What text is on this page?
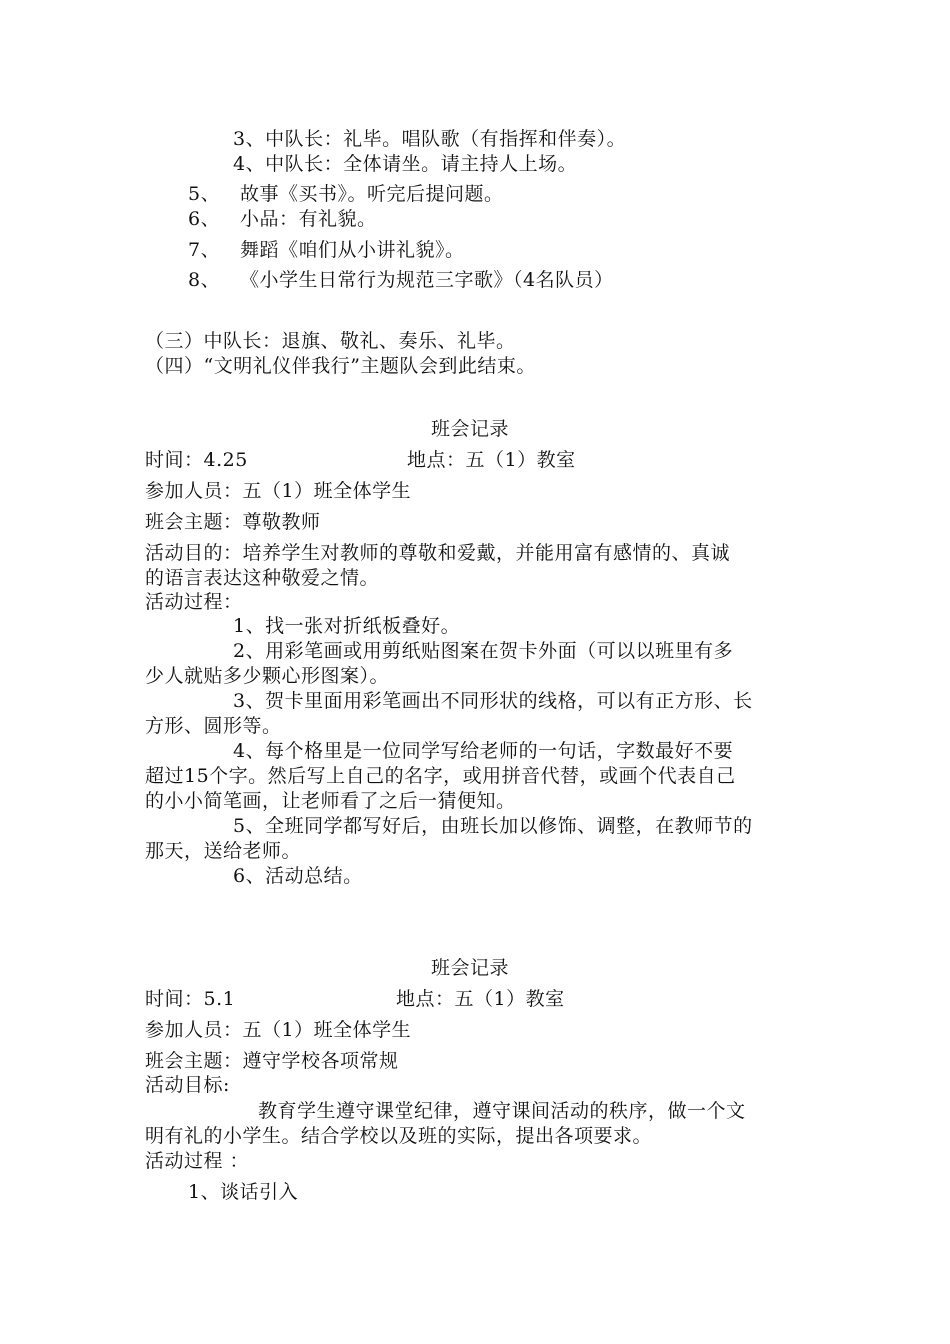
3、中队长：礼毕。唱队歌（有指挥和伴奏）。
4、中队长：全体请坐。请主持人上场。
5、 故事《买书》。听完后提问题。
6、 小品：有礼貌。
7、 舞蹈《咱们从小讲礼貌》。
8、 《小学生日常行为规范三字歌》（4名队员）
（三）中队长：退旗、敬礼、奏乐、礼毕。
（四）“文明礼仪伴我行”主题队会到此结束。
班会记录
时间：4.25	地点：五（1）教室
参加人员：五（1）班全体学生
班会主题：尊敬教师
活动目的：培养学生对教师的尊敬和爱戴，并能用富有感情的、真诚
的语言表达这种敬爱之情。
活动过程：
1、找一张对折纸板叠好。
2、用彩笔画或用剪纸贴图案在贺卡外面（可以以班里有多
少人就贴多少颗心形图案）。
3、贺卡里面用彩笔画出不同形状的线格，可以有正方形、长
方形、圆形等。
4、每个格里是一位同学写给老师的一句话，字数最好不要
超过15个字。然后写上自己的名字，或用拼音代替，或画个代表自己
的小小简笔画，让老师看了之后一猜便知。
5、全班同学都写好后，由班长加以修饰、调整，在教师节的
那天，送给老师。
6、活动总结。
班会记录
时间：5.1	地点：五（1）教室
参加人员：五（1）班全体学生
班会主题：遵守学校各项常规
活动目标:
教育学生遵守课堂纪律，遵守课间活动的秩序，做一个文
明有礼的小学生。结合学校以及班的实际，提出各项要求。
活动过程 ：
1、谈话引入
